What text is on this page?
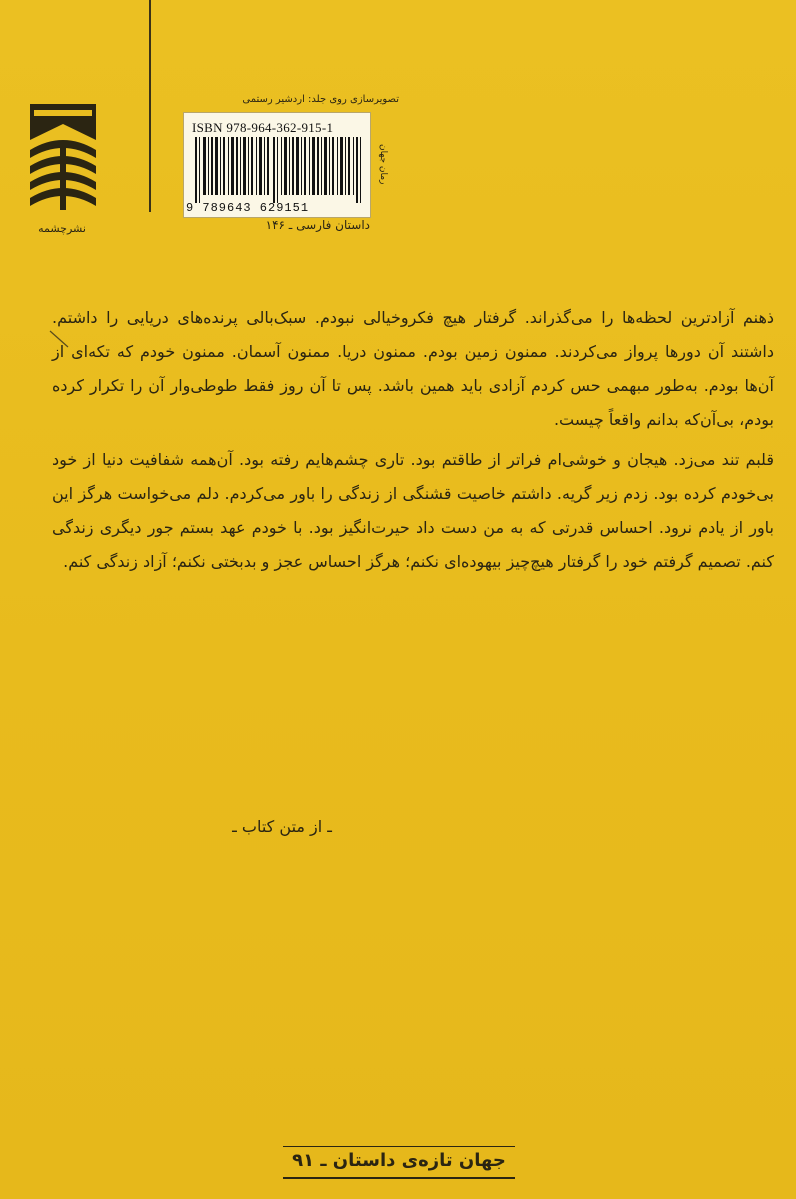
نشرچشمه
تصویرسازی روی جلد: اردشیر رستمی
ISBN 978-964-362-915-1
9 789643 629151
رمان جهان
داستان فارسی ـ ۱۴۶

ذهنم آزادترین لحظه‌ها را می‌گذراند. گرفتار هیچ فکروخیالی نبودم. سبک‌بالی پرنده‌های دریایی را داشتم. داشتند آن دورها پرواز می‌کردند. ممنون زمین بودم. ممنون دریا. ممنون آسمان. ممنون خودم که تکه‌ای از آن‌ها بودم. به‌طور مبهمی حس کردم آزادی باید همین باشد. پس تا آن روز فقط طوطی‌وار آن را تکرار کرده بودم، بی‌آن‌که بدانم واقعاً چیست.

قلبم تند می‌زد. هیجان و خوشی‌ام فراتر از طاقتم بود. تاری چشم‌هایم رفته بود. آن‌همه شفافیت دنیا از خود بی‌خودم کرده بود. زدم زیر گریه. داشتم خاصیت قشنگی از زندگی را باور می‌کردم. دلم می‌خواست هرگز این باور از یادم نرود. احساس قدرتی که به من دست داد حیرت‌انگیز بود. با خودم عهد بستم جور دیگری زندگی کنم. تصمیم گرفتم خود را گرفتار هیچ‌چیز بیهوده‌ای نکنم؛ هرگز احساس عجز و بدبختی نکنم؛ آزاد زندگی کنم.

ـ از متن کتاب ـ
جهان تازه‌ی داستان ـ ۹۱
